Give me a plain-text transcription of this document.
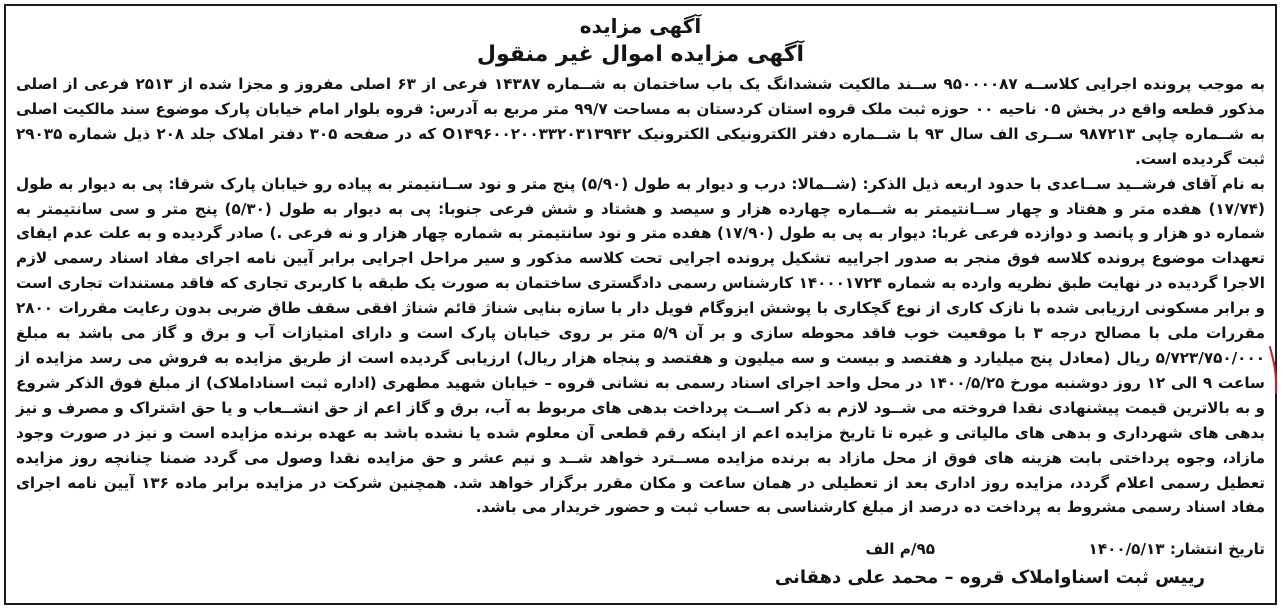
آگهی مزایده
آگهی مزایده اموال غیر منقول

به موجب پرونده اجرایی کلاســه ۹۵۰۰۰۰۸۷ ســند مالکیت ششدانگ یک باب ساختمان به شــماره ۱۴۳۸۷ فرعی از ۶۳ اصلی مفروز و مجزا شده از ۲۵۱۳ فرعی از اصلی مذکور قطعه واقع در بخش ۰۵ ناحیه ۰۰ حوزه ثبت ملک قروه استان کردستان به مساحت ۹۹/۷ متر مربع به آدرس: قروه بلوار امام خیابان پارک موضوع سند مالکیت اصلی به شــماره چاپی ۹۸۷۲۱۳ ســری الف سال ۹۳ با شــماره دفتر الکترونیکی الکترونیک O۱۴۹۶۰۰۲۰۰۳۳۲۰۳۱۳۹۴۲ که در صفحه ۳۰۵ دفتر املاک جلد ۲۰۸ ذیل شماره ۲۹۰۳۵ ثبت گردیده است.

به نام آقای فرشــید ســاعدی با حدود اربعه ذیل الذکر: (شــمالا: درب و دیوار به طول (۵/۹۰) پنج متر و نود ســانتیمتر به پیاده رو خیابان پارک شرقا: پی به دیوار به طول (۱۷/۷۴) هفده متر و هفتاد و چهار ســانتیمتر به شــماره چهارده هزار و سیصد و هشتاد و شش فرعی جنوبا: پی به دیوار به طول (۵/۳۰) پنج متر و سی سانتیمتر به شماره دو هزار و پانصد و دوازده فرعی غربا: دیوار به پی به طول (۱۷/۹۰) هفده متر و نود سانتیمتر به شماره چهار هزار و نه فرعی .) صادر گردیده و به علت عدم ایفای تعهدات موضوع پرونده کلاسه فوق منجر به صدور اجراییه تشکیل پرونده اجرایی تحت کلاسه مذکور و سیر مراحل اجرایی برابر آیین نامه اجرای مفاد اسناد رسمی لازم الاجرا گردیده در نهایت طبق نظریه وارده به شماره ۱۴۰۰۰۱۷۲۴ کارشناس رسمی دادگستری ساختمان به صورت یک طبقه با کاربری تجاری که فاقد مستندات تجاری است و برابر مسکونی ارزیابی شده با نازک کاری از نوع گچکاری با پوشش ایزوگام فویل دار با سازه بنایی شناژ قائم شناژ افقی سقف طاق ضربی بدون رعایت مقررات ۲۸۰۰ مقررات ملی با مصالح درجه ۳ با موقعیت خوب فاقد محوطه سازی و بر آن ۵/۹ متر بر روی خیابان پارک است و دارای امتیازات آب و برق و گاز می باشد به مبلغ ۵/۷۲۳/۷۵۰/۰۰۰ ریال (معادل پنج میلیارد و هفتصد و بیست و سه میلیون و هفتصد و پنجاه هزار ریال) ارزیابی گردیده است از طریق مزایده به فروش می رسد مزایده از ساعت ۹ الی ۱۲ روز دوشنبه مورخ ۱۴۰۰/۵/۲۵ در محل واحد اجرای اسناد رسمی به نشانی قروه – خیابان شهید مطهری (اداره ثبت اسناداملاک) از مبلغ فوق الذکر شروع و به بالاترین قیمت پیشنهادی نقدا فروخته می شــود لازم به ذکر اســت پرداخت بدهی های مربوط به آب، برق و گاز اعم از حق انشــعاب و یا حق اشتراک و مصرف و نیز بدهی های شهرداری و بدهی های مالیاتی و غیره تا تاریخ مزایده اعم از اینکه رقم قطعی آن معلوم شده یا نشده باشد به عهده برنده مزایده است و نیز در صورت وجود مازاد، وجوه پرداختی بابت هزینه های فوق از محل مازاد به برنده مزایده مســترد خواهد شــد و نیم عشر و حق مزایده نقدا وصول می گردد ضمنا چنانچه روز مزایده تعطیل رسمی اعلام گردد، مزایده روز اداری بعد از تعطیلی در همان ساعت و مکان مقرر برگزار خواهد شد. همچنین شرکت در مزایده برابر ماده ۱۳۶ آیین نامه اجرای مفاد اسناد رسمی مشروط به پرداخت ده درصد از مبلغ کارشناسی به حساب ثبت و حضور خریدار می باشد.

تاریخ انتشار: ۱۴۰۰/۵/۱۳
۹۵/م الف
رییس ثبت اسناواملاک قروه – محمد علی دهقانی
